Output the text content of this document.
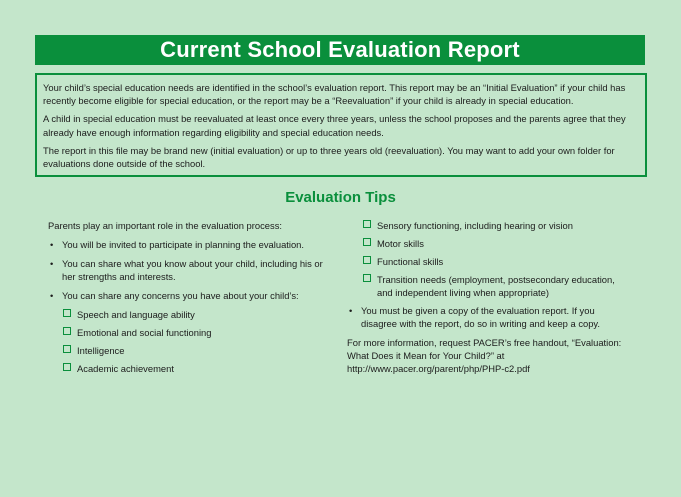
Current School Evaluation Report

Your child’s special education needs are identified in the school’s evaluation report. This report may be an “Initial Evaluation” if your child has recently become eligible for special education, or the report may be a “Reevaluation” if your child is already in special education.

A child in special education must be reevaluated at least once every three years, unless the school proposes and the parents agree that they already have enough information regarding eligibility and special education needs.

The report in this file may be brand new (initial evaluation) or up to three years old (reevaluation). You may want to add your own folder for evaluations done outside of the school.

Evaluation Tips

Parents play an important role in the evaluation process:

• You will be invited to participate in planning the evaluation.
• You can share what you know about your child, including his or her strengths and interests.
• You can share any concerns you have about your child’s:
Speech and language ability
Emotional and social functioning
Intelligence
Academic achievement
Sensory functioning, including hearing or vision
Motor skills
Functional skills
Transition needs (employment, postsecondary education, and independent living when appropriate)
• You must be given a copy of the evaluation report. If you disagree with the report, do so in writing and keep a copy.

For more information, request PACER’s free handout, “Evaluation: What Does it Mean for Your Child?” at http://www.pacer.org/parent/php/PHP-c2.pdf
